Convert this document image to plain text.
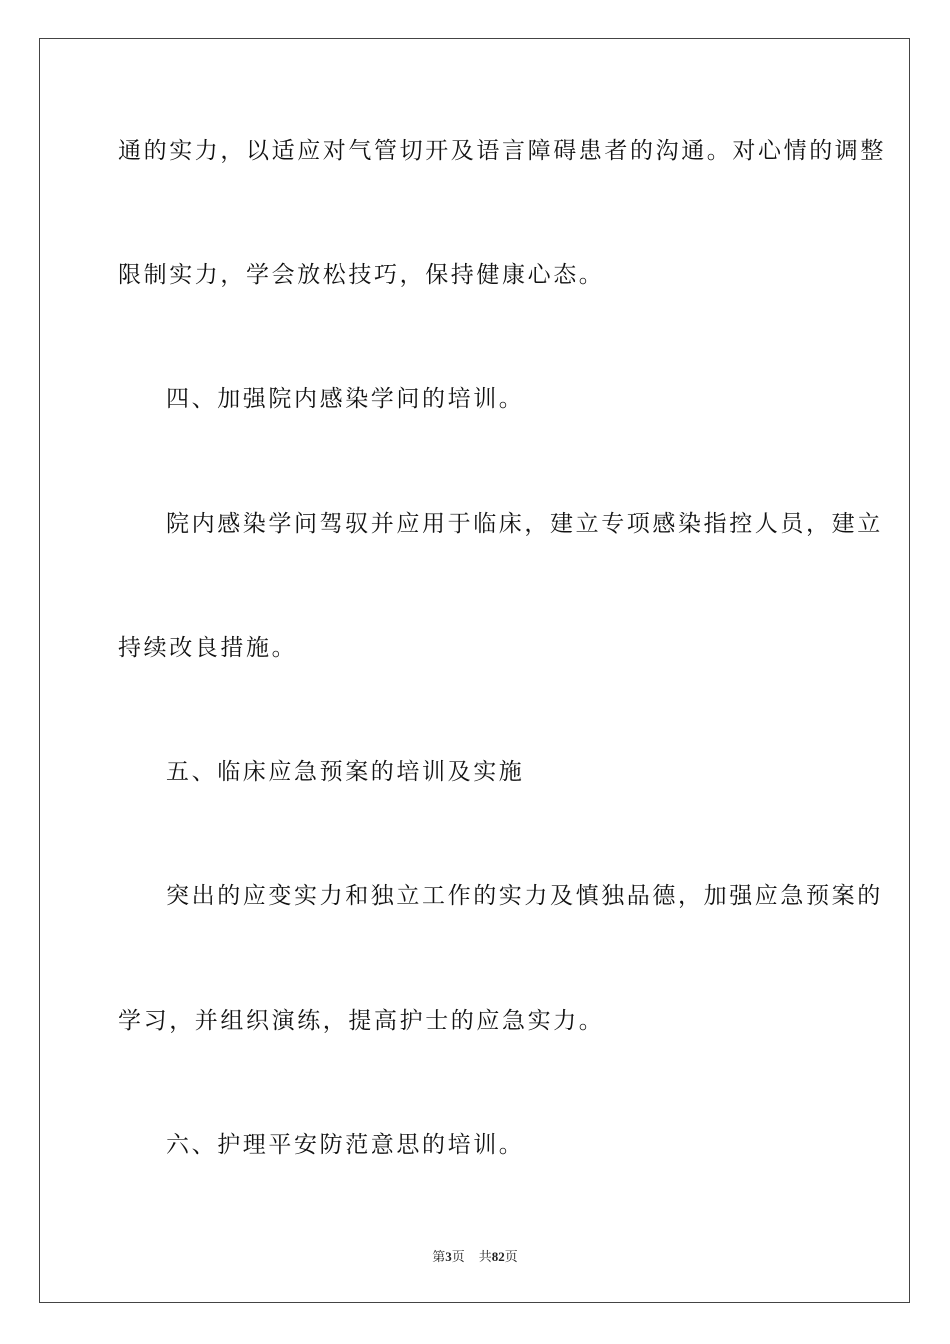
通的实力，以适应对气管切开及语言障碍患者的沟通。对心情的调整
限制实力，学会放松技巧，保持健康心态。
四、加强院内感染学问的培训。
院内感染学问驾驭并应用于临床，建立专项感染指控人员，建立
持续改良措施。
五、临床应急预案的培训及实施
突出的应变实力和独立工作的实力及慎独品德，加强应急预案的
学习，并组织演练，提高护士的应急实力。
六、护理平安防范意思的培训。
第3页 共82页
